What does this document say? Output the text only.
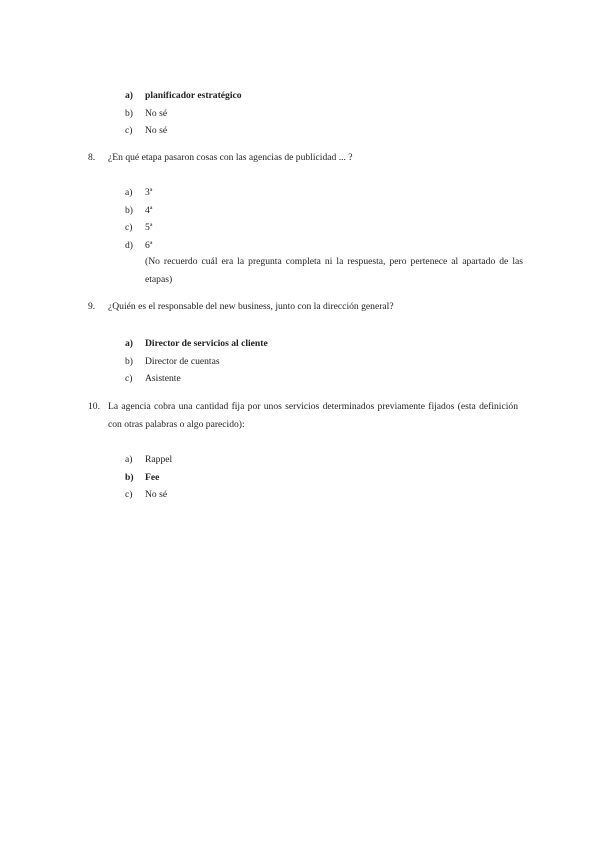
a)	planificador estratégico
b)	No sé
c)	No sé
8.	¿En qué etapa pasaron cosas con las agencias de publicidad ... ?
a)	3ª
b)	4ª
c)	5ª
d)	6ª
(No recuerdo cuál era la pregunta completa ni la respuesta, pero pertenece al apartado de las etapas)
9.	¿Quién es el responsable del new business, junto con la dirección general?
a)	Director de servicios al cliente
b)	Director de cuentas
c)	Asistente
10. La agencia cobra una cantidad fija por unos servicios determinados previamente fijados (esta definición con otras palabras o algo parecido):
a)	Rappel
b)	Fee
c)	No sé
